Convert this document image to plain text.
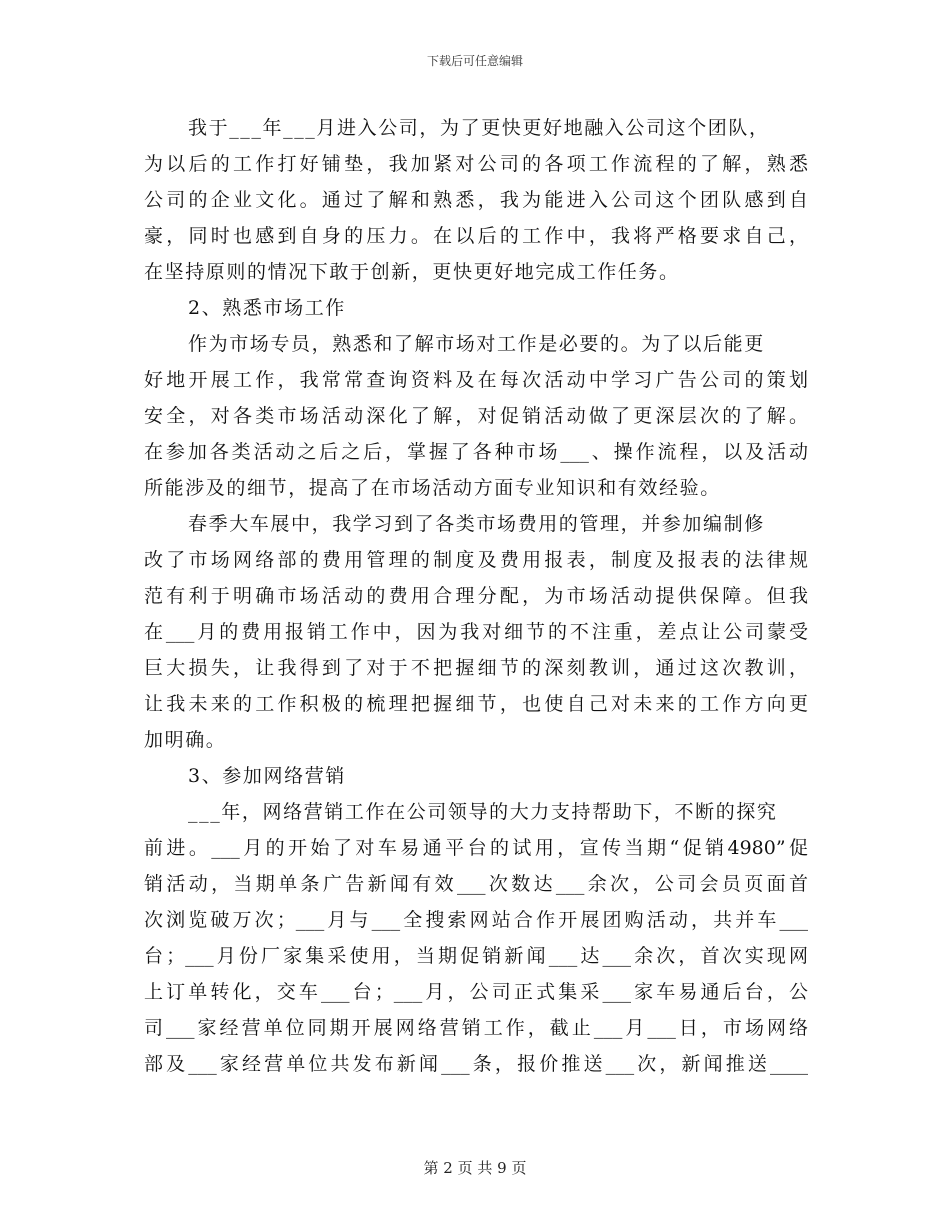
下载后可任意编辑
我于___年___月进入公司，为了更快更好地融入公司这个团队，
为以后的工作打好铺垫，我加紧对公司的各项工作流程的了解，熟悉
公司的企业文化。通过了解和熟悉，我为能进入公司这个团队感到自
豪，同时也感到自身的压力。在以后的工作中，我将严格要求自己，
在坚持原则的情况下敢于创新，更快更好地完成工作任务。
2、熟悉市场工作
作为市场专员，熟悉和了解市场对工作是必要的。为了以后能更
好地开展工作，我常常查询资料及在每次活动中学习广告公司的策划
安全，对各类市场活动深化了解，对促销活动做了更深层次的了解。
在参加各类活动之后之后，掌握了各种市场___、操作流程，以及活动
所能涉及的细节，提高了在市场活动方面专业知识和有效经验。
春季大车展中，我学习到了各类市场费用的管理，并参加编制修
改了市场网络部的费用管理的制度及费用报表，制度及报表的法律规
范有利于明确市场活动的费用合理分配，为市场活动提供保障。但我
在___月的费用报销工作中，因为我对细节的不注重，差点让公司蒙受
巨大损失，让我得到了对于不把握细节的深刻教训，通过这次教训，
让我未来的工作积极的梳理把握细节，也使自己对未来的工作方向更
加明确。
3、参加网络营销
___年，网络营销工作在公司领导的大力支持帮助下，不断的探究
前进。___月的开始了对车易通平台的试用，宣传当期“促销4980”促
销活动，当期单条广告新闻有效___次数达___余次，公司会员页面首
次浏览破万次；___月与___全搜索网站合作开展团购活动，共并车___
台；___月份厂家集采使用，当期促销新闻___达___余次，首次实现网
上订单转化，交车___台；___月，公司正式集采___家车易通后台，公
司___家经营单位同期开展网络营销工作，截止___月___日，市场网络
部及___家经营单位共发布新闻___条，报价推送___次，新闻推送____
第 2 页 共 9 页
